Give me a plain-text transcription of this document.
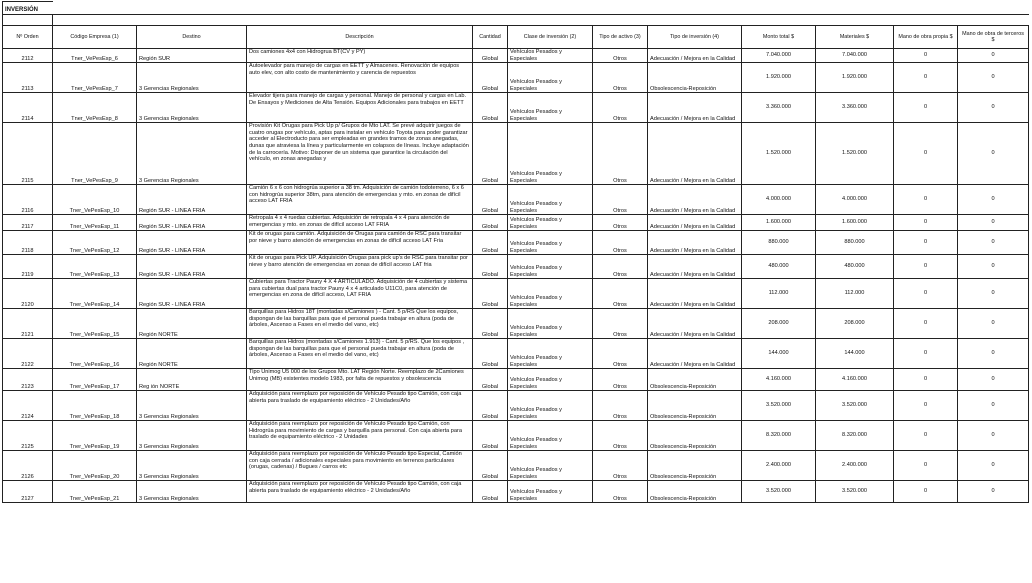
INVERSIÓN											

Nº Orden	Código Empresa (1)	Destino	Descripción	Cantidad	Clase de inversión (2)	Tipo de activo (3)	Tipo de inversión (4)	Monto total $	Materiales $	Mano de obra propia $	Mano de obra de terceros $
2112	Tner_VePesEsp_6	Región SUR	Dos camiones 4x4 con Hidrogrua BT(CV y PY)	Global	Vehículos Pesados y Especiales	Otros	Adecuación / Mejora en la Calidad	7.040.000	7.040.000	0	0
2113	Tner_VePesEsp_7	3 Gerencias Regionales	Autoelevador para manejo de cargas en EETT y Almacenes. Renovación de equipos auto elev, con alto costo de mantenimiento y carencia de repuestos	Global	Vehículos Pesados y Especiales	Otros	Obsolescencia-Reposición	1.920.000	1.920.000	0	0
2114	Tner_VePesEsp_8	3 Gerencias Regionales	Elevador tijera para manejo de cargas y personal. Manejo de personal y cargas en Lab. De Ensayos y Mediciones de Alta Tensión. Equipos Adicionales para trabajos en EETT	Global	Vehículos Pesados y Especiales	Otros	Adecuación / Mejora en la Calidad	3.360.000	3.360.000	0	0
2115	Tner_VePesEsp_9	3 Gerencias Regionales	Provisión Kit Orugas para Pick Up p/ Grupos de Mto LAT. Se prevé adquirir juegos de cuatro orugas por vehículo, aptas para instalar en vehículo Toyota para poder garantizar acceder al Electroducto para ser empleadas en grandes tramos de zonas anegadas, dunas que atraviesa la línea y particularmente en colapsos de líneas. Incluye adaptación de la carrocería. Motivo: Disponer de un sistema que garantice la circulación del vehículo, en zonas anegadas y	Global	Vehículos Pesados y Especiales	Otros	Adecuación / Mejora en la Calidad	1.520.000	1.520.000	0	0
2116	Tner_VePesEsp_10	Región SUR - LINEA FRIA	Camión 6 x 6 con hidrogrúa superior a 38 tm. Adquisición de camión todoterreno, 6 x 6 con hidrogrúa superior 38tm, para atención de emergencias y mto. en zonas de difícil acceso LAT FRIA	Global	Vehículos Pesados y Especiales	Otros	Adecuación / Mejora en la Calidad	4.000.000	4.000.000	0	0
2117	Tner_VePesEsp_11	Región SUR - LINEA FRIA	Retropala 4 x 4 ruedas cubiertas. Adquisición de retropala 4 x 4 para atención de emergencias y mto. en zonas de difícil acceso LAT FRIA	Global	Vehículos Pesados y Especiales	Otros	Adecuación / Mejora en la Calidad	1.600.000	1.600.000	0	0
2118	Tner_VePesEsp_12	Región SUR - LINEA FRIA	Kit de orugas para camión. Adquisición de Orugas para camión de RSC para transitar por nieve y barro atención de emergencias en zonas de difícil acceso LAT Fria	Global	Vehículos Pesados y Especiales	Otros	Adecuación / Mejora en la Calidad	880.000	880.000	0	0
2119	Tner_VePesEsp_13	Región SUR - LINEA FRIA	Kit de orugas para Pick UP. Adquisición Orugas para pick up's de RSC para transitar por nieve y barro atención de emergencias en zonas de difícil acceso LAT fria	Global	Vehículos Pesados y Especiales	Otros	Adecuación / Mejora en la Calidad	480.000	480.000	0	0
2120	Tner_VePesEsp_14	Región SUR - LINEA FRIA	Cubiertas para Tractor Pauny 4 X 4 ARTICULADO. Adquisición de 4 cubiertas y sistema para cubiertas dual para tractor Pauny 4 x 4 articulado U11C0, para atención de emergencias en zona de difícil acceso, LAT FRIA	Global	Vehículos Pesados y Especiales	Otros	Adecuación / Mejora en la Calidad	112.000	112.000	0	0
2121	Tner_VePesEsp_15	Región NORTE	Barquillas para Hidros 18T (montadas s/Camiones ) - Cant. 5 p/RS Que los equipos, dispongan de las barquillas para que el personal pueda trabajar en altura (poda de árboles, Ascenso a Fases en el medio del vano, etc)	Global	Vehículos Pesados y Especiales	Otros	Adecuación / Mejora en la Calidad	208.000	208.000	0	0
2122	Tner_VePesEsp_16	Región NORTE	Barquillas para Hidros (montadas s/Camiones 1.913) - Cant. 5 p/RS. Que los equipos , dispongan de las barquillas para que el personal pueda trabajar en altura (poda de árboles, Ascenso a Fases en el medio del vano, etc)	Global	Vehículos Pesados y Especiales	Otros	Adecuación / Mejora en la Calidad	144.000	144.000	0	0
2123	Tner_VePesEsp_17	Reg ión NORTE	Tipo Unimog U5 000 de los Grupos Mto. LAT Región Norte. Reemplazo de 2Camiones Unimog (MB) existentes modelo 1983, por falta de repuestos y obsolescencia	Global	Vehículos Pesados y Especiales	Otros	Obsolescencia-Reposición	4.160.000	4.160.000	0	0
2124	Tner_VePesEsp_18	3 Gerencias Regionales	Adquisición para reemplazo por reposición de Vehículo Pesado tipo Camión, con caja abierta para traslado de equipamiento eléctrico - 2 Unidades/Año	Global	Vehículos Pesados y Especiales	Otros	Obsolescencia-Reposición	3.520.000	3.520.000	0	0
2125	Tner_VePesEsp_19	3 Gerencias Regionales	Adquisición para reemplazo por reposición de Vehículo Pesado tipo Camión, con Hidrogrúa para movimiento de cargas y barquilla para personal. Con caja abierta para traslado de equipamiento eléctrico - 2 Unidades	Global	Vehículos Pesados y Especiales	Otros	Obsolescencia-Reposición	8.320.000	8.320.000	0	0
2126	Tner_VePesEsp_20	3 Gerencias Regionales	Adquisición para reemplazo por reposición de Vehículo Pesado tipo Especial, Camión con caja cerrada / adicionales especiales para movimiento en terrenos particulares (orugas, cadenas) / Bugues / carros etc	Global	Vehículos Pesados y Especiales	Otros	Obsolescencia-Reposición	2.400.000	2.400.000	0	0
2127	Tner_VePesEsp_21	3 Gerencias Regionales	Adquisición para reemplazo por reposición de Vehículo Pesado tipo Camión, con caja abierta para traslado de equipamiento eléctrico - 2 Unidades/Año	Global	Vehículos Pesados y Especiales	Otros	Obsolescencia-Reposición	3.520.000	3.520.000	0	0
